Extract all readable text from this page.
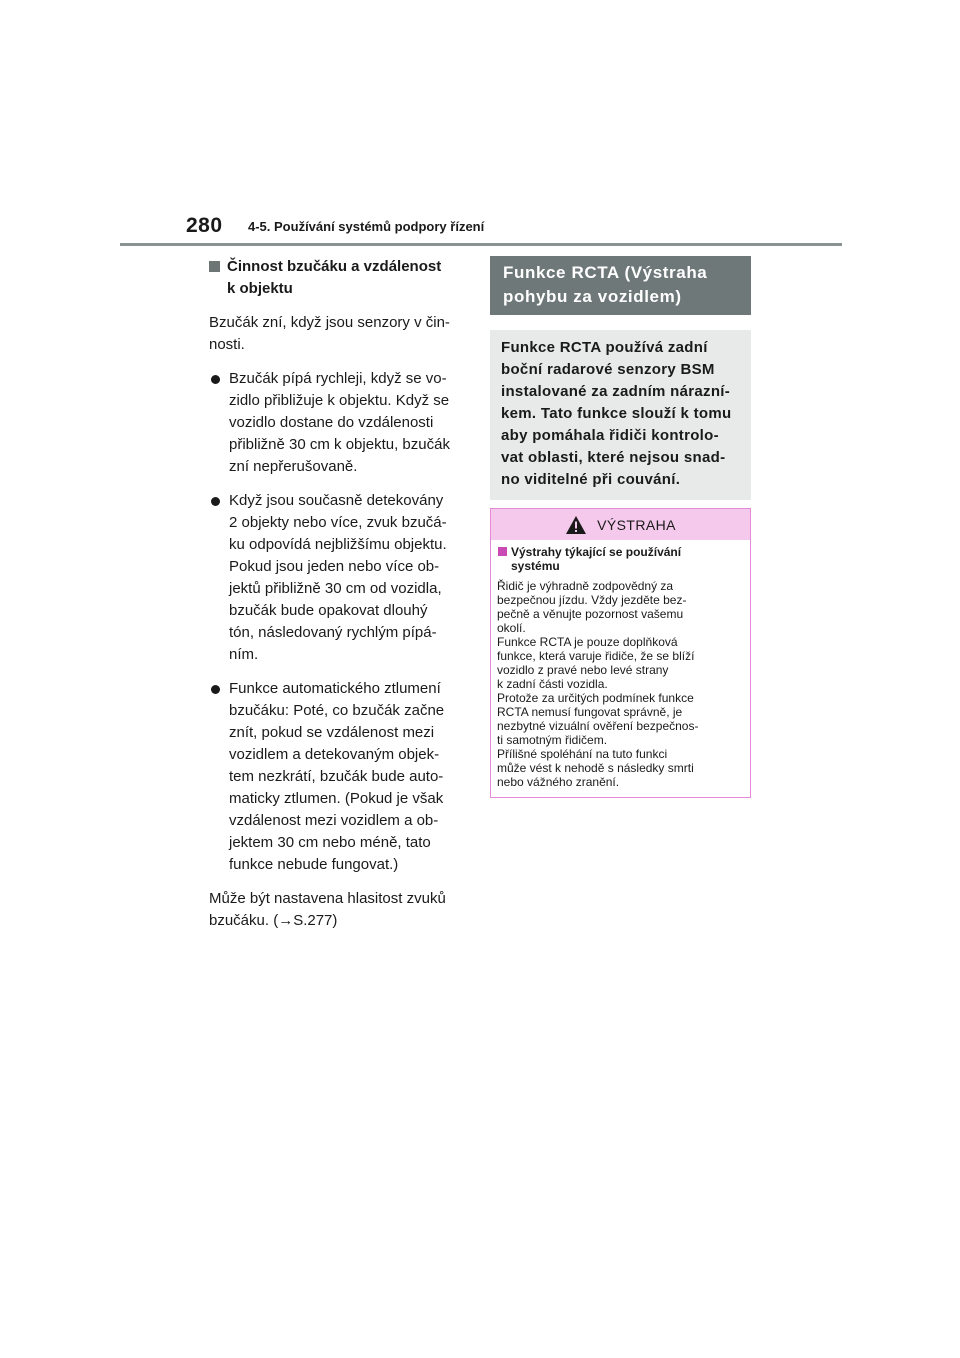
280 4-5. Používání systémů podpory řízení
Činnost bzučáku a vzdálenost
k objektu
Bzučák zní, když jsou senzory v čin-
nosti.
Bzučák pípá rychleji, když se vo-
zidlo přibližuje k objektu. Když se
vozidlo dostane do vzdálenosti
přibližně 30 cm k objektu, bzučák
zní nepřerušovaně.
Když jsou současně detekovány
2 objekty nebo více, zvuk bzučá-
ku odpovídá nejbližšímu objektu.
Pokud jsou jeden nebo více ob-
jektů přibližně 30 cm od vozidla,
bzučák bude opakovat dlouhý
tón, následovaný rychlým pípá-
ním.
Funkce automatického ztlumení
bzučáku: Poté, co bzučák začne
znít, pokud se vzdálenost mezi
vozidlem a detekovaným objek-
tem nezkrátí, bzučák bude auto-
maticky ztlumen. (Pokud je však
vzdálenost mezi vozidlem a ob-
jektem 30 cm nebo méně, tato
funkce nebude fungovat.)
Může být nastavena hlasitost zvuků
bzučáku. (→S.277)
Funkce RCTA (Výstraha
pohybu za vozidlem)
Funkce RCTA používá zadní
boční radarové senzory BSM
instalované za zadním nárazní-
kem. Tato funkce slouží k tomu
aby pomáhala řidiči kontrolo-
vat oblasti, které nejsou snad-
no viditelné při couvání.
VÝSTRAHA
Výstrahy týkající se používání
systému
Řidič je výhradně zodpovědný za
bezpečnou jízdu. Vždy jezděte bez-
pečně a věnujte pozornost vašemu
okolí.
Funkce RCTA je pouze doplňková
funkce, která varuje řidiče, že se blíží
vozidlo z pravé nebo levé strany
k zadní části vozidla.
Protože za určitých podmínek funkce
RCTA nemusí fungovat správně, je
nezbytné vizuální ověření bezpečnos-
ti samotným řidičem.
Přílišné spoléhání na tuto funkci
může vést k nehodě s následky smrti
nebo vážného zranění.
